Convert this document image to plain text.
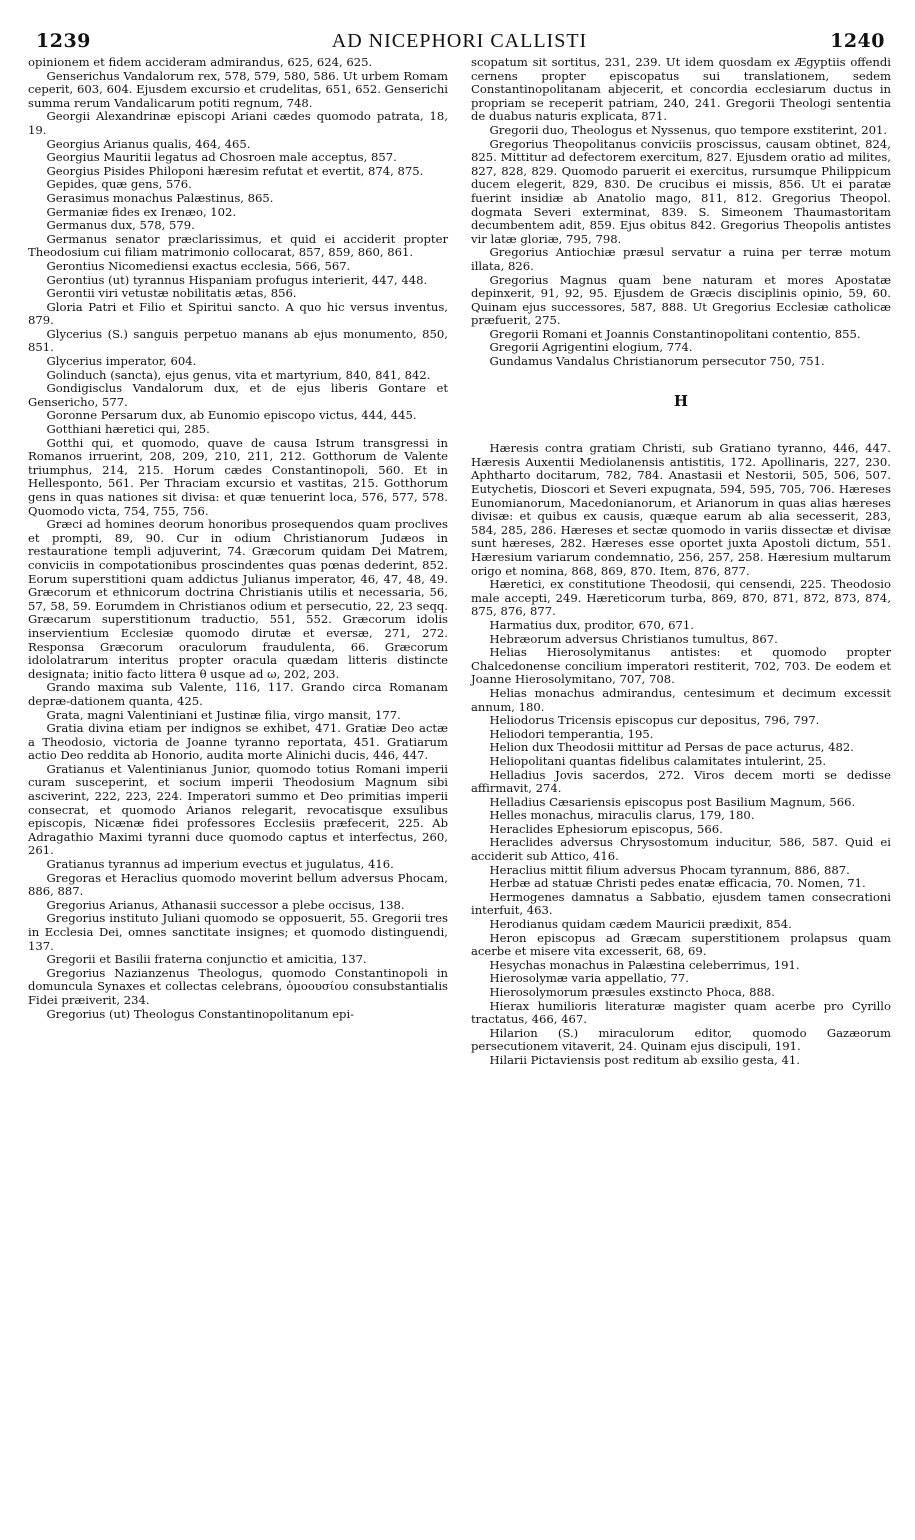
1239	AD NICEPHORI CALLISTI	1240

opinionem et fidem accideram admirandus, 625, 624, 625.

Genserichus Vandalorum rex, 578, 579, 580, 586. Ut urbem Romam ceperit, 603, 604. Ejusdem excursio et crudelitas, 651, 652. Genserichi summa rerum Vandalicarum potiti regnum, 748.

Georgii Alexandrinæ episcopi Ariani cædes quomodo patrata, 18, 19.

Georgius Arianus qualis, 464, 465.

Georgius Mauritii legatus ad Chosroen male acceptus, 857.

Georgius Pisides Philoponi hæresim refutat et evertit, 874, 875.

Gepides, quæ gens, 576.

Gerasimus monachus Palæstinus, 865.

Germaniæ fides ex Irenæo, 102.

Germanus dux, 578, 579.

Germanus senator præclarissimus, et quid ei acciderit propter Theodosium cui filiam matrimonio collocarat, 857, 859, 860, 861.

Gerontius Nicomediensi exactus ecclesia, 566, 567.

Gerontius (ut) tyrannus Hispaniam profugus interierit, 447, 448.

Gerontii viri vetustæ nobilitatis ætas, 856.

Gloria Patri et Filio et Spiritui sancto. A quo hic versus inventus, 879.

Glycerius (S.) sanguis perpetuo manans ab ejus monumento, 850, 851.

Glycerius imperator, 604.

Golinduch (sancta), ejus genus, vita et martyrium, 840, 841, 842.

Gondigisclus Vandalorum dux, et de ejus liberis Gontare et Gensericho, 577.

Goronne Persarum dux, ab Eunomio episcopo victus, 444, 445.

Gotthiani hæretici qui, 285.

Gotthi qui, et quomodo, quave de causa Istrum transgressi in Romanos irruerint, 208, 209, 210, 211, 212. Gotthorum de Valente triumphus, 214, 215. Horum cædes Constantinopoli, 560. Et in Hellesponto, 561. Per Thraciam excursio et vastitas, 215. Gotthorum gens in quas nationes sit divisa: et quæ tenuerint loca, 576, 577, 578. Quomodo victa, 754, 755, 756.

Græci ad homines deorum honoribus prosequendos quam proclives et prompti, 89, 90. Cur in odium Christianorum Judæos in restauratione templi adjuverint, 74. Græcorum quidam Dei Matrem, conviciis in compotationibus proscindentes quas pœnas dederint, 852. Eorum superstitioni quam addictus Julianus imperator, 46, 47, 48, 49. Græcorum et ethnicorum doctrina Christianis utilis et necessaria, 56, 57, 58, 59. Eorumdem in Christianos odium et persecutio, 22, 23 seqq. Græcarum superstitionum traductio, 551, 552. Græcorum idolis inservientium Ecclesiæ quomodo dirutæ et eversæ, 271, 272. Responsa Græcorum oraculorum fraudulenta, 66. Græcorum idololatrarum interitus propter oracula quædam litteris distincte designata; initio facto littera θ usque ad ω, 202, 203.

Grando maxima sub Valente, 116, 117. Grando circa Romanam depræ-dationem quanta, 425.

Grata, magni Valentiniani et Justinæ filia, virgo mansit, 177.

Gratia divina etiam per indignos se exhibet, 471. Gratiæ Deo actæ a Theodosio, victoria de Joanne tyranno reportata, 451. Gratiarum actio Deo reddita ab Honorio, audita morte Alinichi ducis, 446, 447.

Gratianus et Valentinianus Junior, quomodo totius Romani imperii curam susceperint, et socium imperii Theodosium Magnum sibi asciverint, 222, 223, 224. Imperatori summo et Deo primitias imperii consecrat, et quomodo Arianos relegarit, revocatisque exsulibus episcopis, Nicænæ fidei professores Ecclesiis præfecerit, 225. Ab Adragathio Maximi tyranni duce quomodo captus et interfectus, 260, 261.

Gratianus tyrannus ad imperium evectus et jugulatus, 416.

Gregoras et Heraclius quomodo moverint bellum adversus Phocam, 886, 887.

Gregorius Arianus, Athanasii successor a plebe occisus, 138.

Gregorius instituto Juliani quomodo se opposuerit, 55. Gregorii tres in Ecclesia Dei, omnes sanctitate insignes; et quomodo distinguendi, 137.

Gregorii et Basilii fraterna conjunctio et amicitia, 137.

Gregorius Nazianzenus Theologus, quomodo Constantinopoli in domuncula Synaxes et collectas celebrans, ὁμοουσίου consubstantialis Fidei præiverit, 234.

Gregorius (ut) Theologus Constantinopolitanum epi-

scopatum sit sortitus, 231, 239. Ut idem quosdam ex Ægyptiis offendi cernens propter episcopatus sui translationem, sedem Constantinopolitanam abjecerit, et concordia ecclesiarum ductus in propriam se receperit patriam, 240, 241. Gregorii Theologi sententia de duabus naturis explicata, 871.

Gregorii duo, Theologus et Nyssenus, quo tempore exstiterint, 201.

Gregorius Theopolitanus conviciis proscissus, causam obtinet, 824, 825. Mittitur ad defectorem exercitum, 827. Ejusdem oratio ad milites, 827, 828, 829. Quomodo paruerit ei exercitus, rursumque Philippicum ducem elegerit, 829, 830. De crucibus ei missis, 856. Ut ei paratæ fuerint insidiæ ab Anatolio mago, 811, 812. Gregorius Theopol. dogmata Severi exterminat, 839. S. Simeonem Thaumastoritam decumbentem adit, 859. Ejus obitus 842. Gregorius Theopolis antistes vir latæ gloriæ, 795, 798.

Gregorius Antiochiæ præsul servatur a ruina per terræ motum illata, 826.

Gregorius Magnus quam bene naturam et mores Apostatæ depinxerit, 91, 92, 95. Ejusdem de Græcis disciplinis opinio, 59, 60. Quinam ejus successores, 587, 888. Ut Gregorius Ecclesiæ catholicæ præfuerit, 275.

Gregorii Romani et Joannis Constantinopolitani contentio, 855.

Gregorii Agrigentini elogium, 774.

Gundamus Vandalus Christianorum persecutor 750, 751.

H

Hæresis contra gratiam Christi, sub Gratiano tyranno, 446, 447. Hæresis Auxentii Mediolanensis antistitis, 172. Apollinaris, 227, 230. Aphtharto docitarum, 782, 784. Anastasii et Nestorii, 505, 506, 507. Eutychetis, Dioscori et Severi expugnata, 594, 595, 705, 706. Hæreses Eunomianorum, Macedonianorum, et Arianorum in quas alias hæreses divisæ: et quibus ex causis, quæque earum ab alia secesserit, 283, 584, 285, 286. Hæreses et sectæ quomodo in variis dissectæ et divisæ sunt hæreses, 282. Hæreses esse oportet juxta Apostoli dictum, 551. Hæresium variarum condemnatio, 256, 257, 258. Hæresium multarum origo et nomina, 868, 869, 870. Item, 876, 877.

Hæretici, ex constitutione Theodosii, qui censendi, 225. Theodosio male accepti, 249. Hæreticorum turba, 869, 870, 871, 872, 873, 874, 875, 876, 877.

Harmatius dux, proditor, 670, 671.

Hebræorum adversus Christianos tumultus, 867.

Helias Hierosolymitanus antistes: et quomodo propter Chalcedonense concilium imperatori restiterit, 702, 703. De eodem et Joanne Hierosolymitano, 707, 708.

Helias monachus admirandus, centesimum et decimum excessit annum, 180.

Heliodorus Tricensis episcopus cur depositus, 796, 797.

Heliodori temperantia, 195.

Helion dux Theodosii mittitur ad Persas de pace acturus, 482.

Heliopolitani quantas fidelibus calamitates intulerint, 25.

Helladius Jovis sacerdos, 272. Viros decem morti se dedisse affirmavit, 274.

Helladius Cæsariensis episcopus post Basilium Magnum, 566.

Helles monachus, miraculis clarus, 179, 180.

Heraclides Ephesiorum episcopus, 566.

Heraclides adversus Chrysostomum inducitur, 586, 587. Quid ei acciderit sub Attico, 416.

Heraclius mittit filium adversus Phocam tyrannum, 886, 887.

Herbæ ad statuæ Christi pedes enatæ efficacia, 70. Nomen, 71.

Hermogenes damnatus a Sabbatio, ejusdem tamen consecrationi interfuit, 463.

Herodianus quidam cædem Mauricii prædixit, 854.

Heron episcopus ad Græcam superstitionem prolapsus quam acerbe et misere vita excesserit, 68, 69.

Hesychas monachus in Palæstina celeberrimus, 191.

Hierosolymæ varia appellatio, 77.

Hierosolymorum præsules exstincto Phoca, 888.

Hierax humilioris literaturæ magister quam acerbe pro Cyrillo tractatus, 466, 467.

Hilarion (S.) miraculorum editor, quomodo Gazæorum persecutionem vitaverit, 24. Quinam ejus discipuli, 191.

Hilarii Pictaviensis post reditum ab exsilio gesta, 41.
